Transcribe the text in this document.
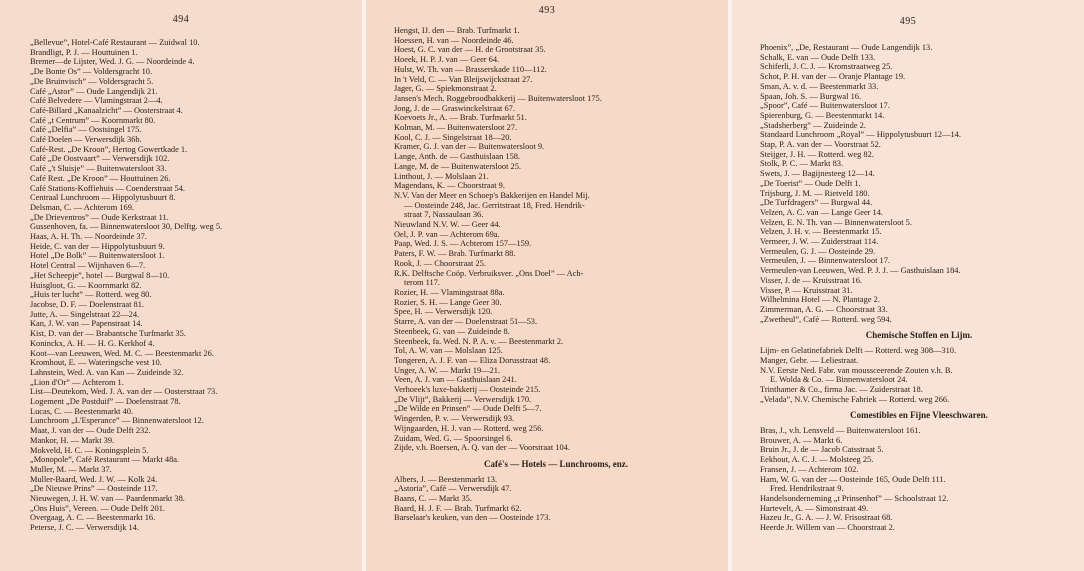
494
„Bellevue”, Hotel-Café Restaurant — Zuidwal 10.
Brandligt, P. J. — Houttuinen 1.
Bremer—de Lijster, Wed. J. G. — Noordeinde 4.
„De Bonte Os” — Voldersgracht 10.
„De Bruinvisch” — Voldersgracht 5.
Café „Astor” — Oude Langendijk 21.
Café Belvedere — Vlamingstraat 2—4.
Café-Billard „Kanaalzicht” — Oosterstraat 4.
Café „t Centrum” — Koornmarkt 80.
Café „Delfia” — Oostsingel 175.
Café Doelen — Verwersdijk 36b.
Café-Rest. „De Kroon”, Hertog Gowertkade 1.
Café „De Oostvaart” — Verwersdijk 102.
Café „'t Sluisje” — Buitenwatersloot 33.
Café Rest. „De Kroon” — Houttuinen 26.
Café Stations-Koffiehuis — Coenderstraat 54.
Centraal Lunchroom — Hippolytusbuurt 8.
Delsman, C. — Achterom 169.
„De Drieventros” — Oude Kerkstraat 11.
Gussenhoven, fa. — Binnenwatersloot 30, Delftg. weg 5.
Haas, A. H. Th. — Noordeinde 37.
Heide, C. van der — Hippolytusbuurt 9.
Hotel „De Bolk” — Buitenwatersloot 1.
Hotel Central — Wijnhaven 6—7.
„Het Scheepje”, hotel — Burgwal 8—10.
Huisgloot, G. — Koornmarkt 82.
„Huis ter lucht” — Rotterd. weg 80.
Jacobse, D. F. — Doelenstraat 81.
Jutte, A. — Singelstraat 22—24.
Kan, J. W. van — Papenstraat 14.
Kist, D. van der — Brabantsche Turfmarkt 35.
Koninckx, A. H. — H. G. Kerkhof 4.
Koot—van Leeuwen, Wed. M. C. — Beestenmarkt 26.
Kromhout, E. — Wateringsche vest 10.
Lahnstein, Wed. A. van Kan — Zuideinde 32.
„Lion d'Or” — Achterom 1.
List—Deutekom, Wed. J. A. van der — Oosterstraat 73.
Logement „De Postduif” — Doelenstraat 78.
Lucas, C. — Beestenmarkt 40.
Lunchroom „L'Esperance” — Binnenwatersloot 12.
Maat, J. van der — Oude Delft 232.
Mankor, H. — Markt 39.
Mokveld, H. C. — Koningsplein 5.
„Monopole”, Café Restaurant — Markt 48a.
Muller, M. — Markt 37.
Muller-Baard, Wed. J. W. — Kolk 24.
„De Nieuwe Prins” — Oosteinde 117.
Nieuwegen, J. H. W. van — Paardenmarkt 38.
„Ons Huis”, Vereen. — Oude Delft 201.
Overgaag, A. C. — Beestenmarkt 16.
Peterse, J. C. — Verwersdijk 14.
493
Hengst, IJ. den — Brab. Turfmarkt 1.
Hoessen, H. van — Noordeinde 46.
Hoest, G. C. van der — H. de Grootstraat 35.
Hoeek, H. P. J. van — Geer 64.
Hulst, W. Th. van — Brasserskade 110—112.
In 't Veld, C. — Van Bleijswijckstraat 27.
Jager, G. — Spiekmonstraat 2.
Jansen's Mech. Roggebroodbakkerij — Buitenwatersloot 175.
Jong, J. de — Graswinckelstraat 67.
Koevoets Jr., A. — Brab. Turfmarkt 51.
Kolman, M. — Buitenwatersloot 27.
Kool, C. J. — Singelstraat 18—20.
Kramer, G. J. van der — Buitenwatersloot 9.
Lange, Anth. de — Gasthuislaan 158.
Lange, M. de — Buitenwatersloot 25.
Linthout, J. — Molslaan 21.
Magendans, K. — Choorstraat 9.
N.V. Van der Meer en Schoep's Bakkerijen en Handel Mij.
— Oosteinde 248, Jac. Gerritstraat 18, Fred. Hendrik-
straat 7, Nassaulaan 36.
Nieuwland N.V. W. — Geer 44.
Oel, J. P. van — Achterom 69a.
Paap, Wed. J. S. — Achterom 157—159.
Paters, F. W. — Brab. Turfmarkt 88.
Rook, J. — Choorstraat 25.
R.K. Delftsche Coöp. Verbruiksver. „Ons Doel” — Ach-
terom 117.
Rozier, H. — Vlamingstraat 88a.
Rozier, S. H. — Lange Geer 30.
Spee, H. — Verwersdijk 120.
Starre, A. van der — Doelenstraat 51—53.
Steenbeek, G. van — Zuideinde 8.
Steenbeek, fa. Wed. N. P. A. v. — Beestenmarkt 2.
Tol, A. W. van — Molslaan 125.
Tongeren, A. J. F. van — Eliza Dorusstraat 48.
Unger, A. W. — Markt 19—21.
Veen, A. J. van — Gasthuislaan 241.
Verhoeek's luxe-bakkerij — Oosteinde 215.
„De Vlijt”, Bakkerij — Verwersdijk 170.
„De Wilde en Prinsen” — Oude Delft 5—7.
Wingerden, P. v. — Verwersdijk 93.
Wijngaarden, H. J. van — Rotterd. weg 256.
Zuidam, Wed. G. — Spoorsingel 6.
Zijde, v.h. Boersen, A. Q. van der — Voorstraat 104.
Café's — Hotels — Lunchrooms, enz.
Albers, J. — Beestenmarkt 13.
„Astoria”, Café — Verwersdijk 47.
Baans, C. — Markt 35.
Baard, H. J. F. — Brab. Turfmarkt 62.
Barselaar's keuken, van den — Oosteinde 173.
495
Phoenix”, „De, Restaurant — Oude Langendijk 13.
Schalk, E. van — Oude Delft 133.
Schiferli, J. C. J. — Kromstraatweg 25.
Schot, P. H. van der — Oranje Plantage 19.
Sman, A. v. d. — Beestenmarkt 33.
Spaan, Joh. S. — Burgwal 16.
„Spoor”, Café — Buitenwatersloot 17.
Spierenburg, G. — Beestenmarkt 14.
„Stadsherberg” — Zuideinde 2.
Standaard Lunchroom „Royal” — Hippolytusbuurt 12—14.
Stap, P. A. van der — Voorstraat 52.
Steijger, J. H. — Rotterd. weg 82.
Stolk, P. C. — Markt 83.
Swets, J. — Bagijnesteeg 12—14.
„De Toerist” — Oude Delft 1.
Trijsburg, J. M. — Rietveld 180.
„De Turfdragers” — Burgwal 44.
Velzen, A. C. van — Lange Geer 14.
Velzen, E. N. Th. van — Binnenwatersloot 5.
Velzen, J. H. v. — Beestenmarkt 15.
Vermeer, J. W. — Zuiderstraat 114.
Vermeulen, G. J. — Oosteinde 29.
Vermeulen, J. — Binnenwatersloot 17.
Vermeulen-van Leeuwen, Wed. P. J. J. — Gasthuislaan 184.
Visser, J. de — Kruisstraat 16.
Visser, P. — Kruisstraat 31.
Wilhelmina Hotel — N. Plantage 2.
Zimmerman, A. G. — Choorstraat 33.
„Zwetheul”, Café — Rotterd. weg 594.
Chemische Stoffen en Lijm.
Lijm- en Gelatinefabriek Delft — Rotterd. weg 308—310.
Manger, Gebr. — Leliestraat.
N.V. Eerste Ned. Fabr. van moussceerende Zouten v.h. B.
E. Wolda & Co. — Binnenwatersloot 24.
Trinthamer & Co., firma Jac. — Zuiderstraat 18.
„Velada”, N.V. Chemische Fabriek — Rotterd. weg 266.
Comestibles en Fijne Vleeschwaren.
Bras, J., v.h. Lensveld — Buitenwatersloot 161.
Brouwer, A. — Markt 6.
Bruin Jr., J. de — Jacob Catsstraat 5.
Eekhout, A. C. J. — Molsteeg 25.
Fransen, J. — Achterom 102.
Ham, W. G. van der — Oosteinde 165, Oude Delft 111.
Fred. Hendrikstraat 9.
Handelsonderneming „t Prinsenhof” — Schoolstraat 12.
Hartevelt, A. — Simonstraat 49.
Hazeu Jr., G. A. — J. W. Frisostraat 68.
Heerde Jr. Willem van — Choorstraat 2.
